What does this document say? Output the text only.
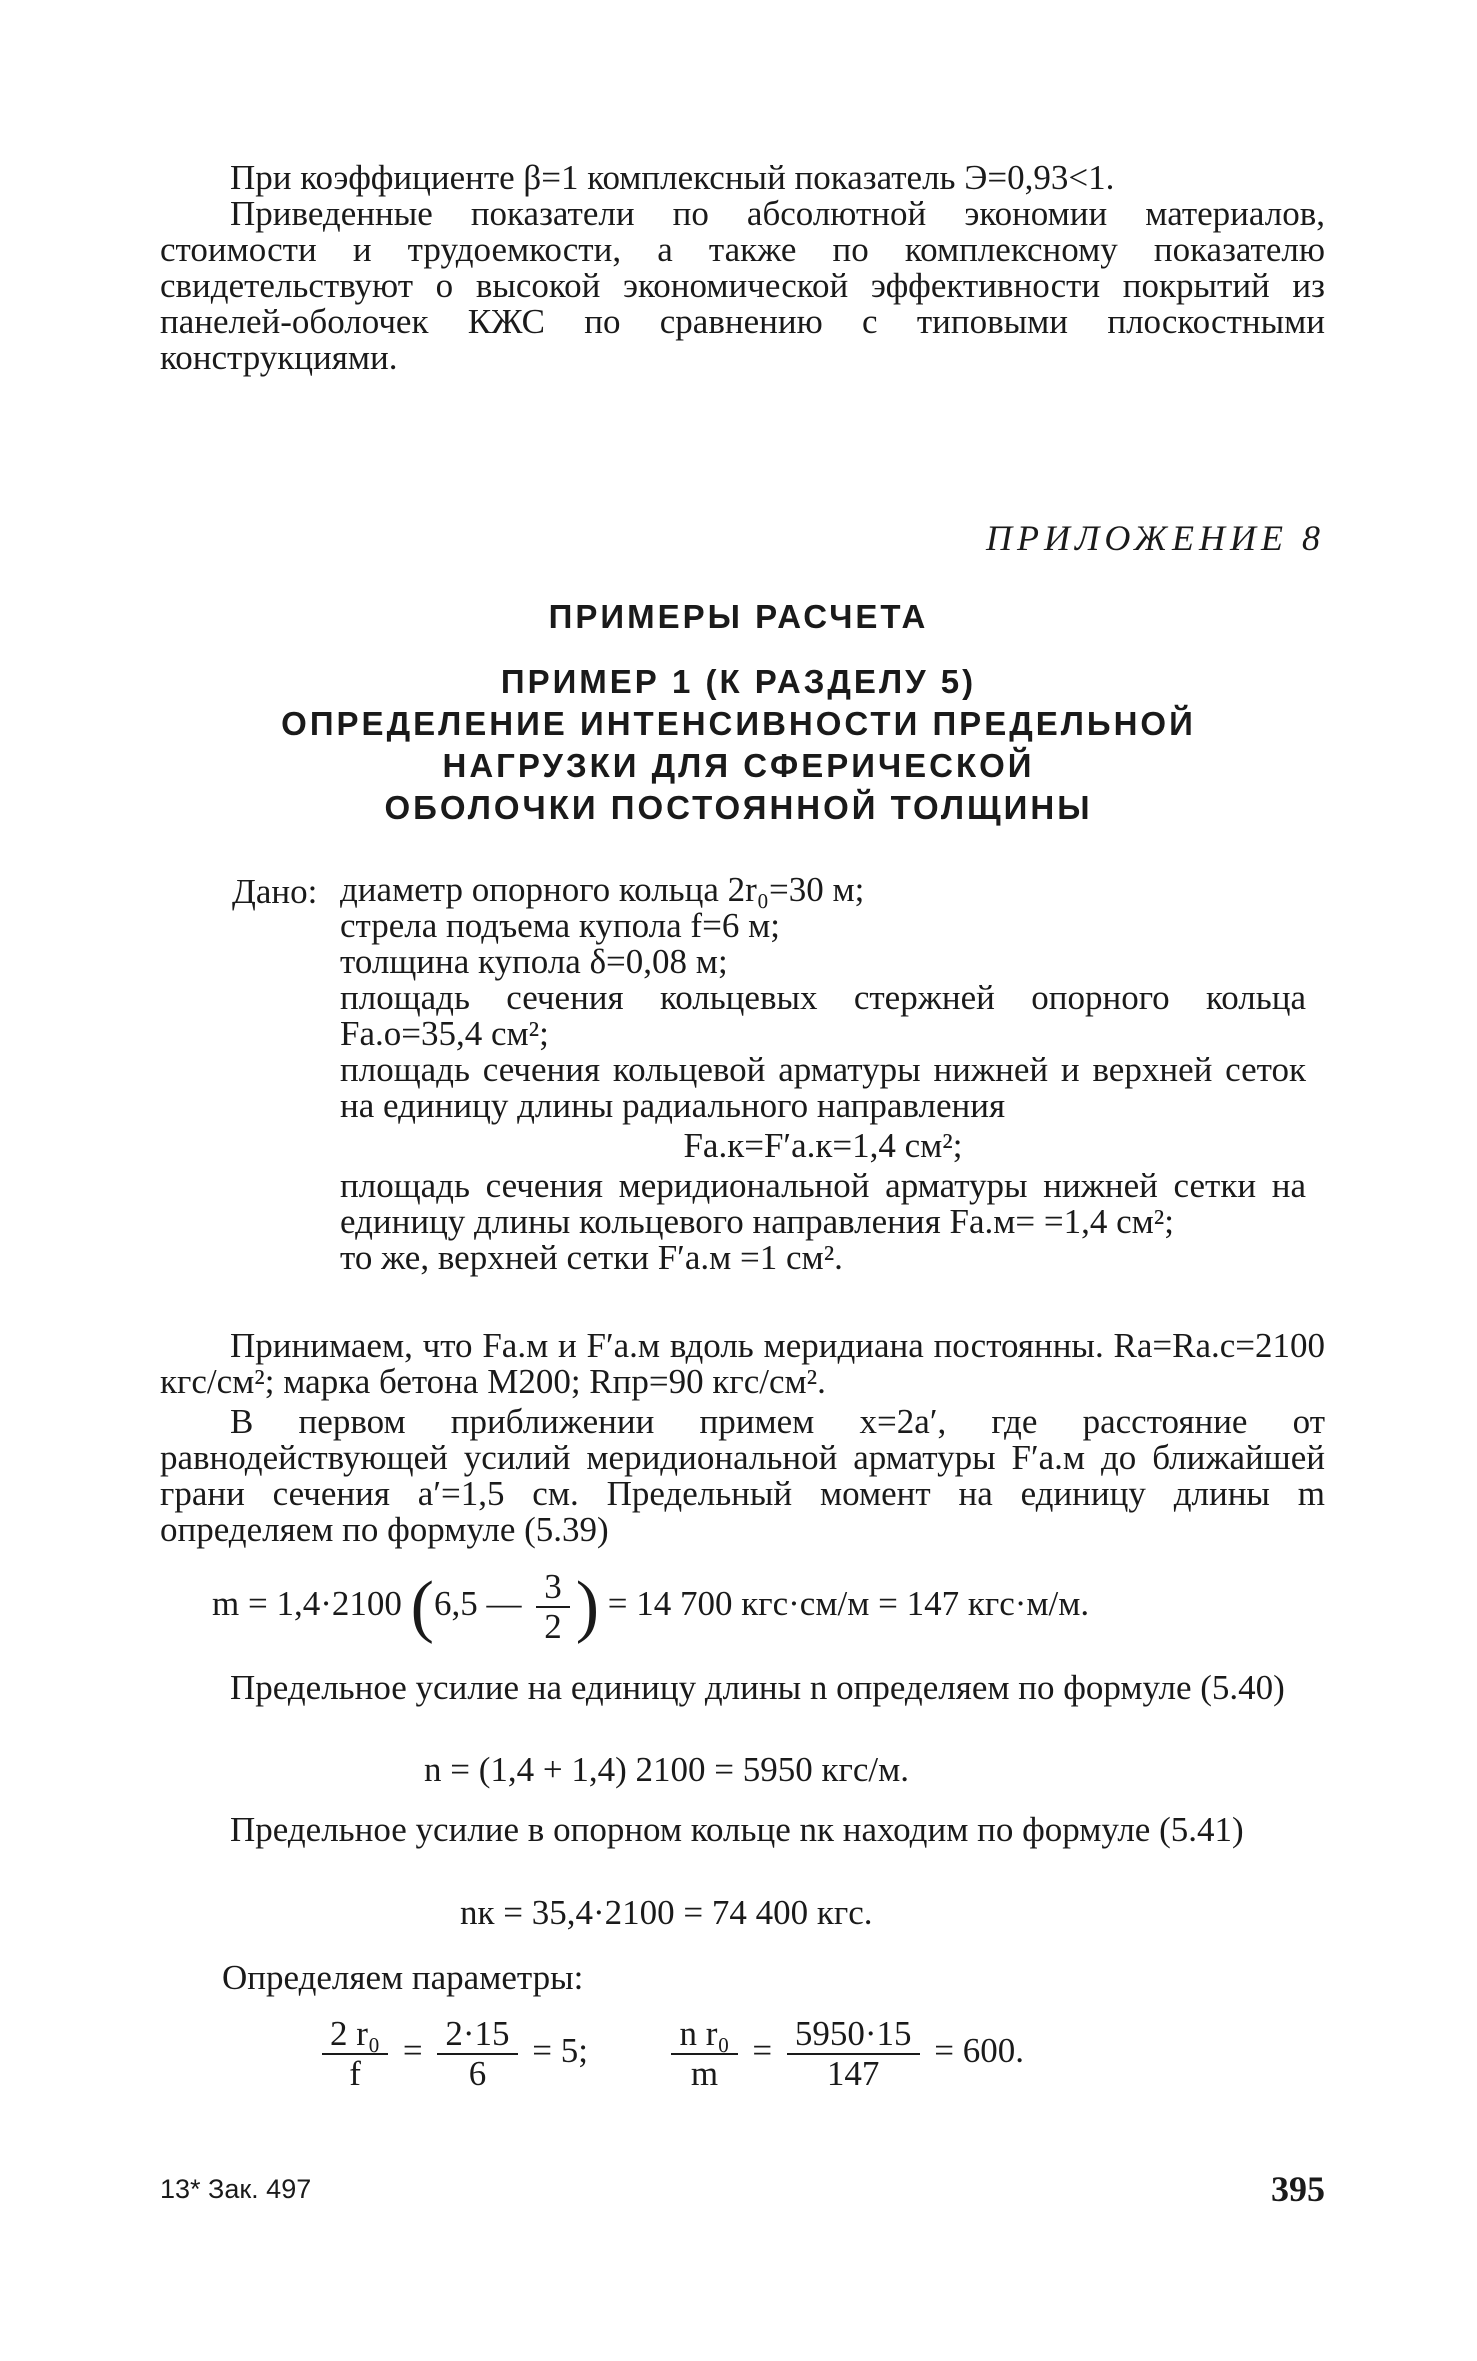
При коэффициенте β=1 комплексный показатель Э=0,93<1.
Приведенные показатели по абсолютной экономии материалов, стоимости и трудоемкости, а также по комплексному показателю свидетельствуют о высокой экономической эффективности покрытий из панелей-оболочек КЖС по сравнению с типовыми плоскостными конструкциями.
ПРИЛОЖЕНИЕ 8
ПРИМЕРЫ РАСЧЕТА
ПРИМЕР 1 (К РАЗДЕЛУ 5)
ОПРЕДЕЛЕНИЕ ИНТЕНСИВНОСТИ ПРЕДЕЛЬНОЙ
НАГРУЗКИ ДЛЯ СФЕРИЧЕСКОЙ
ОБОЛОЧКИ ПОСТОЯННОЙ ТОЛЩИНЫ
Дано: диаметр опорного кольца 2r₀=30 м;

стрела подъема купола f=6 м;

толщина купола δ=0,08 м;

площадь сечения кольцевых стержней опорного кольца Fа.о=35,4 см²;

площадь сечения кольцевой арматуры нижней и верхней сеток на единицу длины радиального направления

Fа.к=F′а.к=1,4 см²;

площадь сечения меридиональной арматуры нижней сетки на единицу длины кольцевого направления Fа.м= =1,4 см²;

то же, верхней сетки F′а.м =1 см².

Принимаем, что Fа.м и F′а.м вдоль меридиана постоянны. Rа=Rа.с=2100 кгс/см²; марка бетона М200; Rпр=90 кгс/см².
В первом приближении примем x=2a′, где расстояние от равнодействующей усилий меридиональной арматуры F′а.м до ближайшей грани сечения a′=1,5 см. Предельный момент на единицу длины m определяем по формуле (5.39)
m = 1,4·2100 (6,5 — $\frac{3}{2}$ ) = 14 700 кгс·см/м = 147 кгс·м/м.
Предельное усилие на единицу длины n определяем по формуле (5.40)
n = (1,4 + 1,4) 2100 = 5950 кгс/м.
Предельное усилие в опорном кольце nк находим по формуле (5.41)
nк = 35,4·2100 = 74 400 кгс.
Определяем параметры:
$\frac{\text{2 r₀}}{f} = \frac{2\cdot 15}{6} = 5$; $\frac{\text{n r₀}}{m} = \frac{5950\cdot 15}{147} = 600$.
13* Зак. 497	395
